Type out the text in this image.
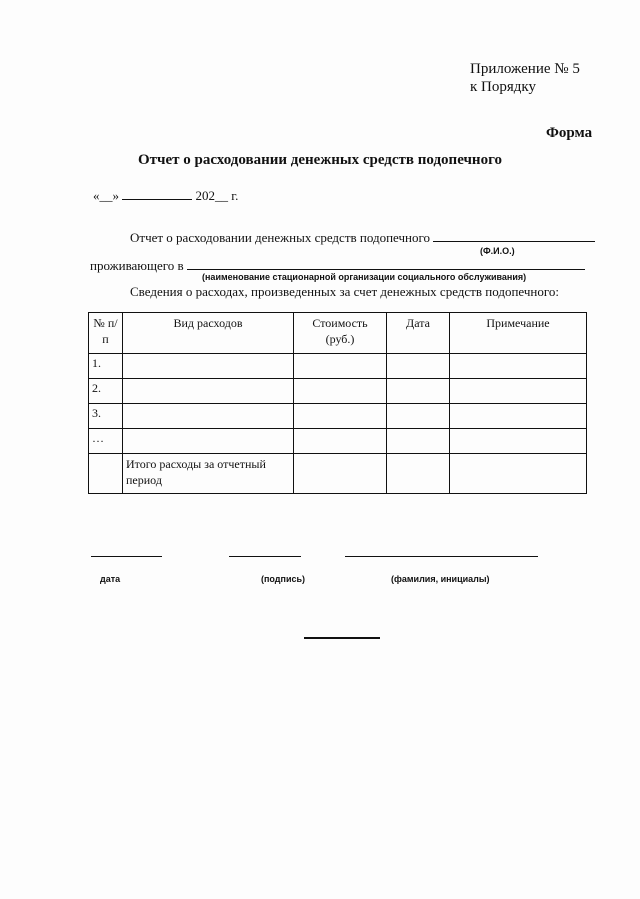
Приложение № 5
к Порядку
Форма
Отчет о расходовании денежных средств подопечного
«__»	202__ г.
Отчет о расходовании денежных средств подопечного
(Ф.И.О.)
проживающего в
(наименование стационарной организации социального обслуживания)
Сведения о расходах, произведенных за счет денежных средств подопечного:
№ п/п	Вид расходов	Стоимость (руб.)	Дата	Примечание
1.				
2.				
3.				
…				
	Итого расходы за отчетный период			
дата	(подпись)	(фамилия, инициалы)
